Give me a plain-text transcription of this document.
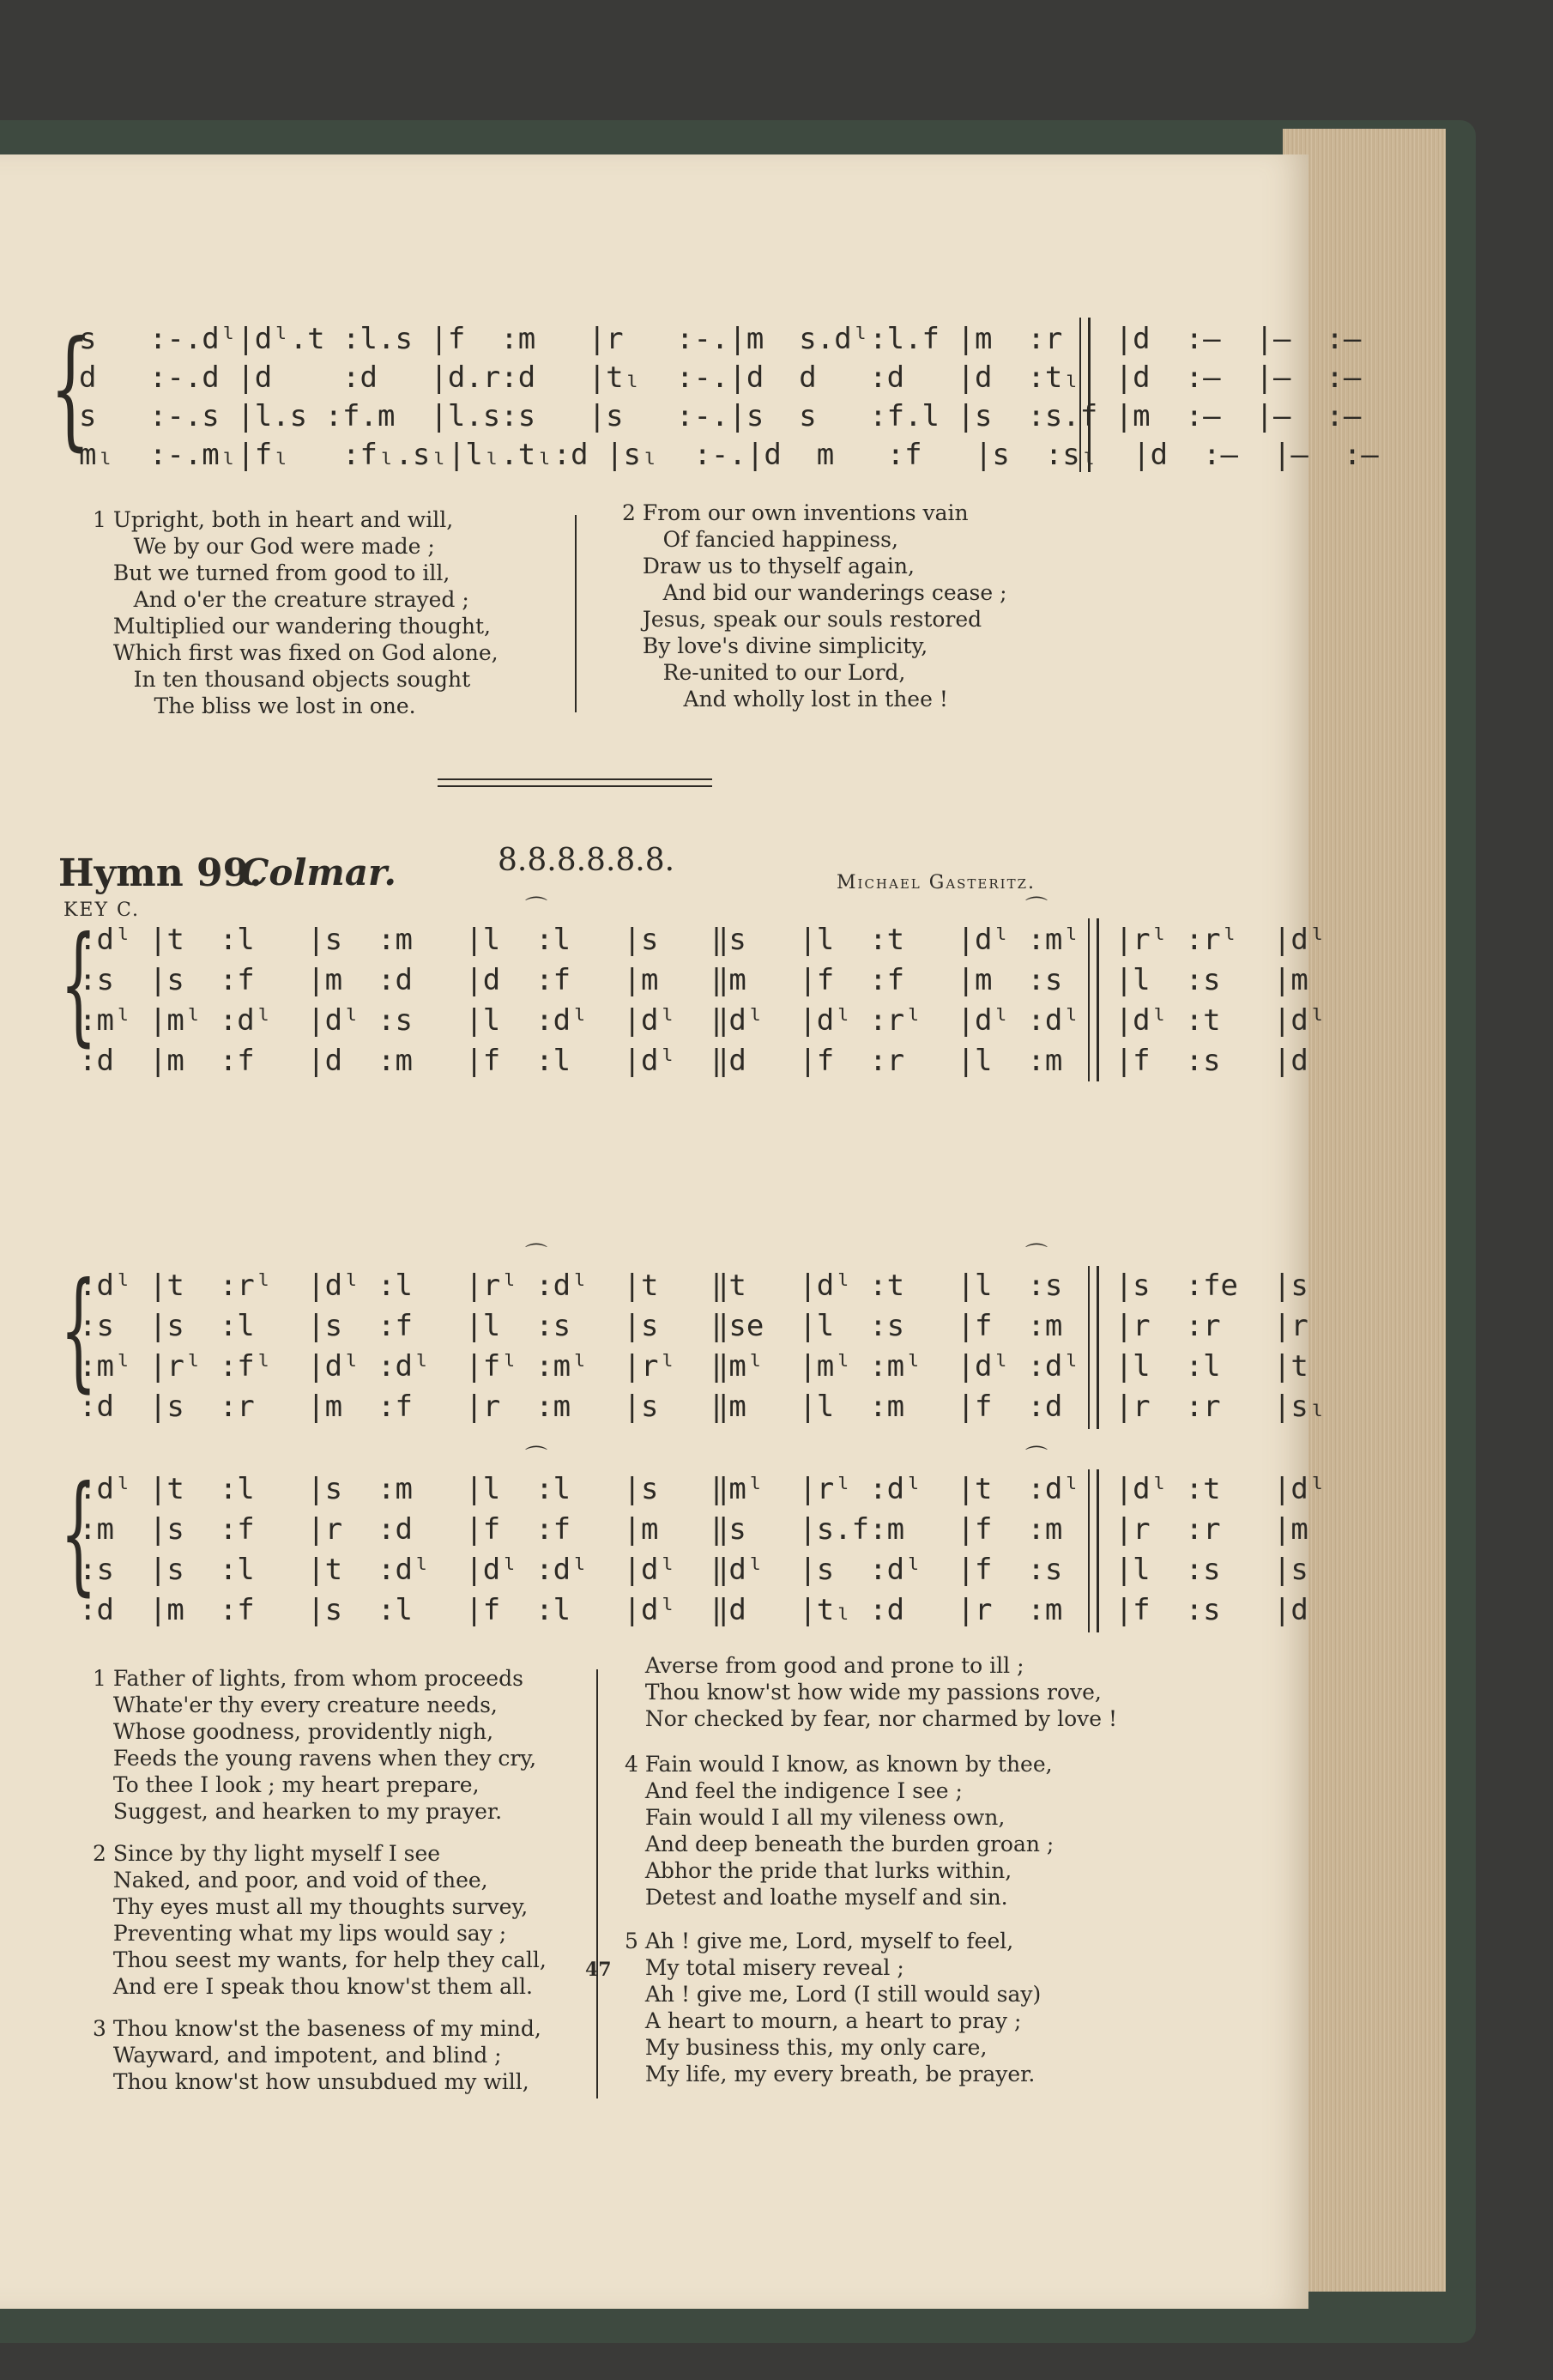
{
s   :-.dˡ|dˡ.t :l.s |f  :m   |r   :-.|m  s.dˡ:l.f |m  :r   |d  :—  |—  :—
d   :-.d |d    :d   |d.r:d   |tₗ  :-.|d  d   :d   |d  :tₗ  |d  :—  |—  :—
s   :-.s |l.s :f.m  |l.s:s   |s   :-.|s  s   :f.l |s  :s.f |m  :—  |—  :—
mₗ  :-.mₗ|fₗ   :fₗ.sₗ|lₗ.tₗ:d |sₗ  :-.|d  m   :f   |s  :sₗ  |d  :—  |—  :—
1 Upright, both in heart and will,
We by our God were made ;
But we turned from good to ill,
And o'er the creature strayed ;
Multiplied our wandering thought,
Which first was fixed on God alone,
In ten thousand objects sought
The bliss we lost in one.
2 From our own inventions vain
Of fancied happiness,
Draw us to thyself again,
And bid our wanderings cease ;
Jesus, speak our souls restored
By love's divine simplicity,
Re-united to our Lord,
And wholly lost in thee !
Hymn 99.
Colmar.	8.8.8.8.8.8.
Michael Gasteritz.
KEY C.
{
:dˡ |t  :l   |s  :m   |l  :l   |s   ‖s   |l  :t   |dˡ :mˡ  |rˡ :rˡ  |dˡ
:s  |s  :f   |m  :d   |d  :f   |m   ‖m   |f  :f   |m  :s   |l  :s   |m
:mˡ |mˡ :dˡ  |dˡ :s   |l  :dˡ  |dˡ  ‖dˡ  |dˡ :rˡ  |dˡ :dˡ  |dˡ :t   |dˡ
:d  |m  :f   |d  :m   |f  :l   |dˡ  ‖d   |f  :r   |l  :m   |f  :s   |d
⌒	⌒
{
:dˡ |t  :rˡ  |dˡ :l   |rˡ :dˡ  |t   ‖t   |dˡ :t   |l  :s   |s  :fe  |s
:s  |s  :l   |s  :f   |l  :s   |s   ‖se  |l  :s   |f  :m   |r  :r   |r
:mˡ |rˡ :fˡ  |dˡ :dˡ  |fˡ :mˡ  |rˡ  ‖mˡ  |mˡ :mˡ  |dˡ :dˡ  |l  :l   |t
:d  |s  :r   |m  :f   |r  :m   |s   ‖m   |l  :m   |f  :d   |r  :r   |sₗ
⌒	⌒
{
:dˡ |t  :l   |s  :m   |l  :l   |s   ‖mˡ  |rˡ :dˡ  |t  :dˡ  |dˡ :t   |dˡ
:m  |s  :f   |r  :d   |f  :f   |m   ‖s   |s.f:m   |f  :m   |r  :r   |m
:s  |s  :l   |t  :dˡ  |dˡ :dˡ  |dˡ  ‖dˡ  |s  :dˡ  |f  :s   |l  :s   |s
:d  |m  :f   |s  :l   |f  :l   |dˡ  ‖d   |tₗ :d   |r  :m   |f  :s   |d
⌒	⌒
1 Father of lights, from whom proceeds
Whate'er thy every creature needs,
Whose goodness, providently nigh,
Feeds the young ravens when they cry,
To thee I look ; my heart prepare,
Suggest, and hearken to my prayer.
2 Since by thy light myself I see
Naked, and poor, and void of thee,
Thy eyes must all my thoughts survey,
Preventing what my lips would say ;
Thou seest my wants, for help they call,
And ere I speak thou know'st them all.
3 Thou know'st the baseness of my mind,
Wayward, and impotent, and blind ;
Thou know'st how unsubdued my will,
Averse from good and prone to ill ;
Thou know'st how wide my passions rove,
Nor checked by fear, nor charmed by love !
4 Fain would I know, as known by thee,
And feel the indigence I see ;
Fain would I all my vileness own,
And deep beneath the burden groan ;
Abhor the pride that lurks within,
Detest and loathe myself and sin.
5 Ah ! give me, Lord, myself to feel,
My total misery reveal ;
Ah ! give me, Lord (I still would say)
A heart to mourn, a heart to pray ;
My business this, my only care,
My life, my every breath, be prayer.
47
